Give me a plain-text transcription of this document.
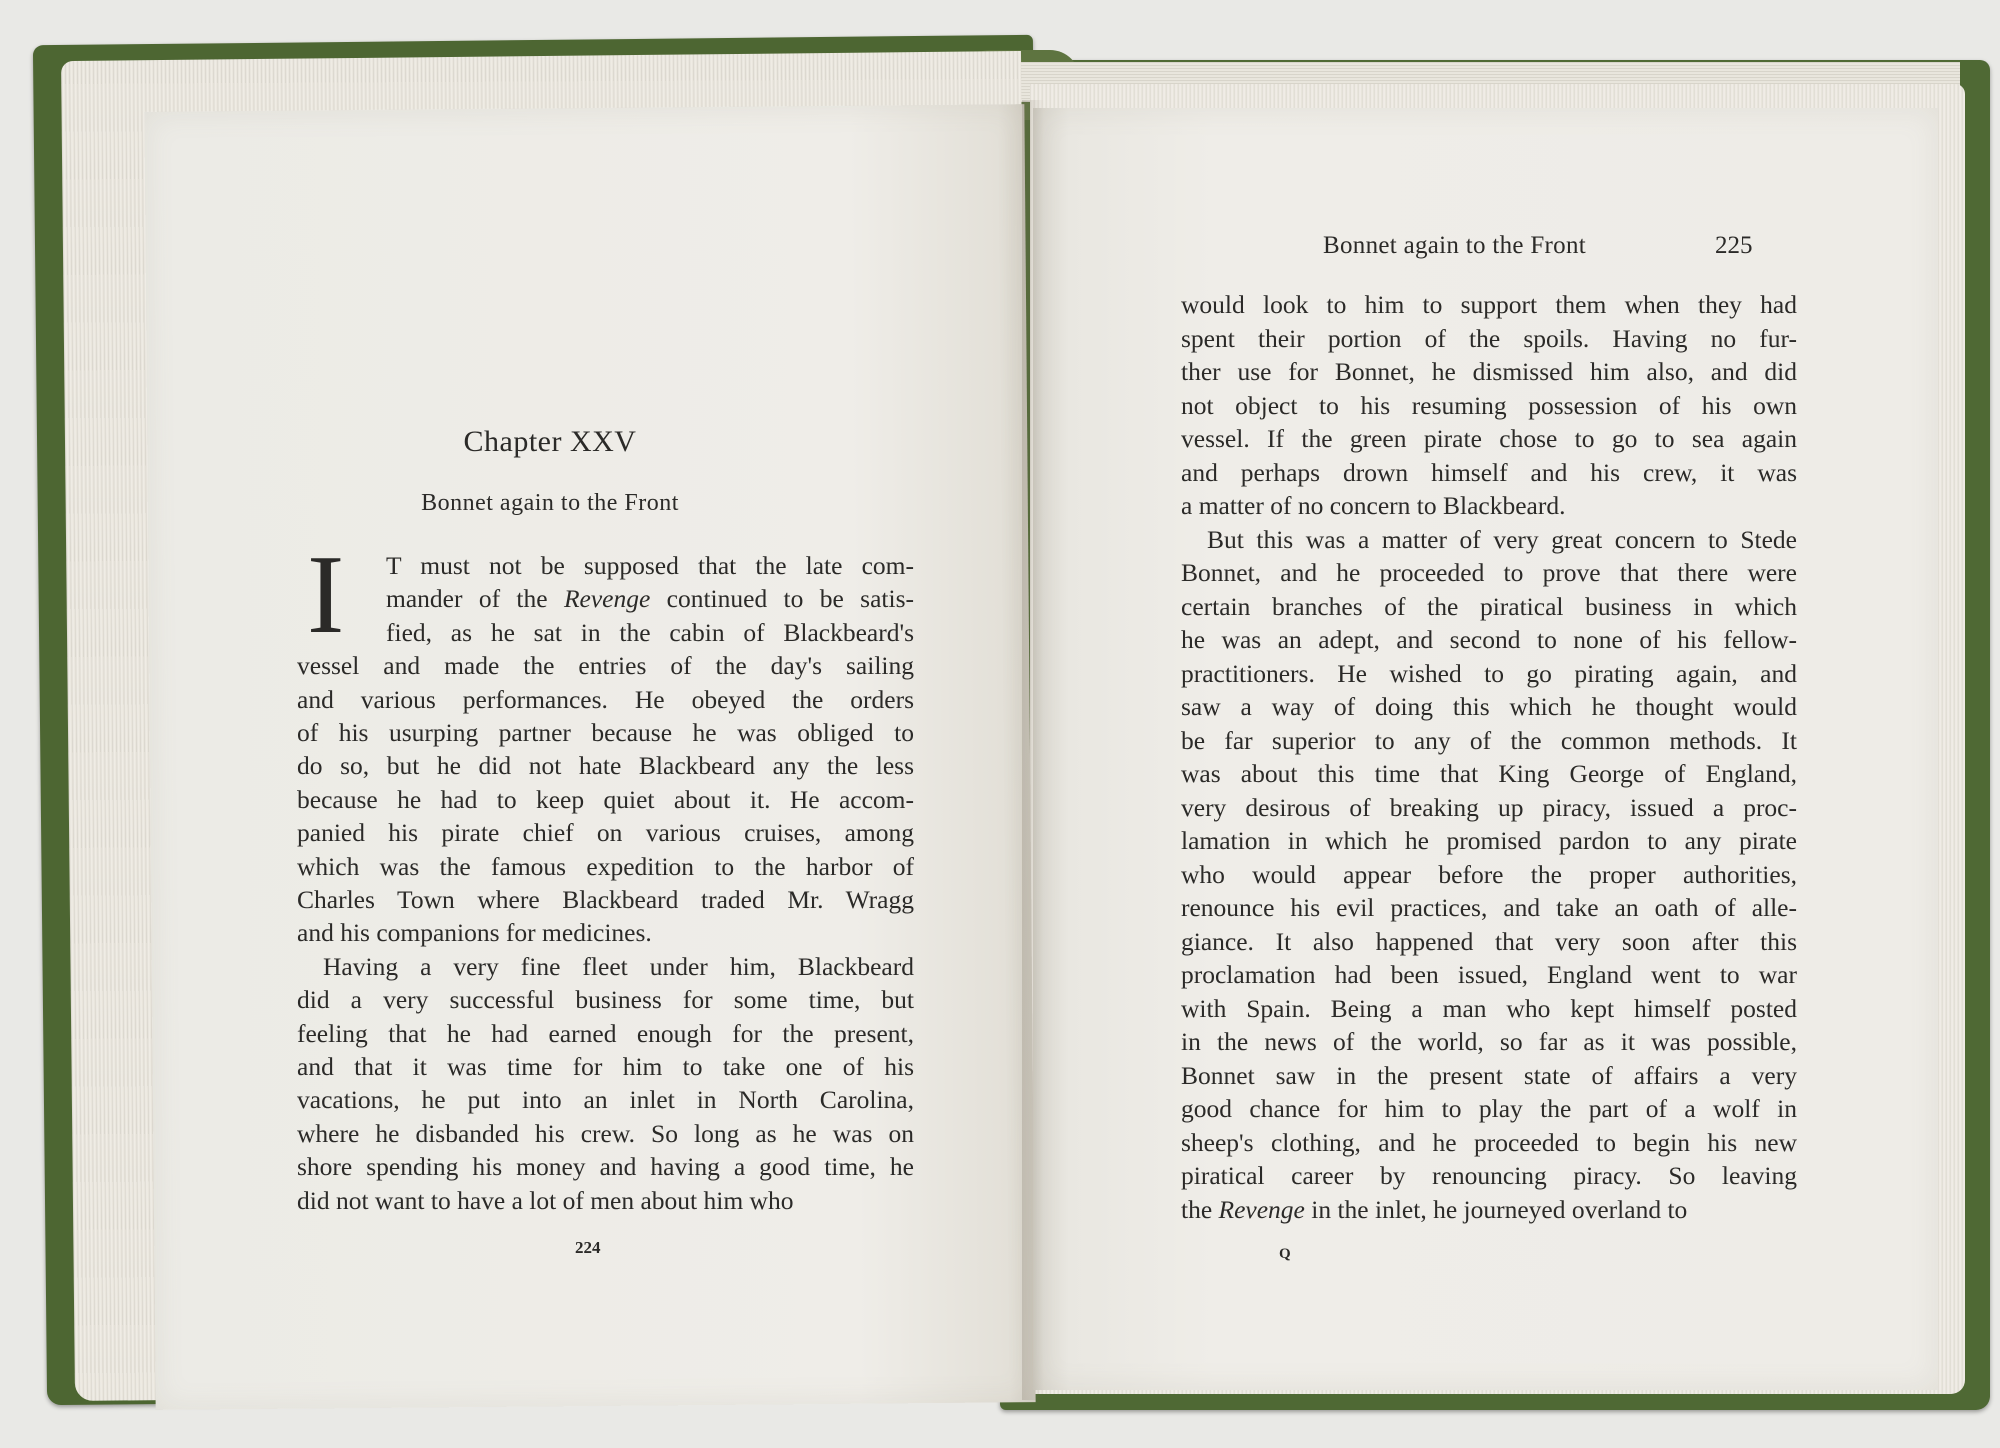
Chapter XXV
Bonnet again to the Front
I T must not be supposed that the late com-
mander of the Revenge continued to be satis-
fied, as he sat in the cabin of Blackbeard's
vessel and made the entries of the day's sailing
and various performances. He obeyed the orders
of his usurping partner because he was obliged to
do so, but he did not hate Blackbeard any the less
because he had to keep quiet about it. He accom-
panied his pirate chief on various cruises, among
which was the famous expedition to the harbor of
Charles Town where Blackbeard traded Mr. Wragg
and his companions for medicines.
Having a very fine fleet under him, Blackbeard
did a very successful business for some time, but
feeling that he had earned enough for the present,
and that it was time for him to take one of his
vacations, he put into an inlet in North Carolina,
where he disbanded his crew. So long as he was on
shore spending his money and having a good time, he
did not want to have a lot of men about him who
224
Bonnet again to the Front	225
would look to him to support them when they had
spent their portion of the spoils. Having no fur-
ther use for Bonnet, he dismissed him also, and did
not object to his resuming possession of his own
vessel. If the green pirate chose to go to sea again
and perhaps drown himself and his crew, it was
a matter of no concern to Blackbeard.
But this was a matter of very great concern to Stede
Bonnet, and he proceeded to prove that there were
certain branches of the piratical business in which
he was an adept, and second to none of his fellow-
practitioners. He wished to go pirating again, and
saw a way of doing this which he thought would
be far superior to any of the common methods. It
was about this time that King George of England,
very desirous of breaking up piracy, issued a proc-
lamation in which he promised pardon to any pirate
who would appear before the proper authorities,
renounce his evil practices, and take an oath of alle-
giance. It also happened that very soon after this
proclamation had been issued, England went to war
with Spain. Being a man who kept himself posted
in the news of the world, so far as it was possible,
Bonnet saw in the present state of affairs a very
good chance for him to play the part of a wolf in
sheep's clothing, and he proceeded to begin his new
piratical career by renouncing piracy. So leaving
the Revenge in the inlet, he journeyed overland to
Q
